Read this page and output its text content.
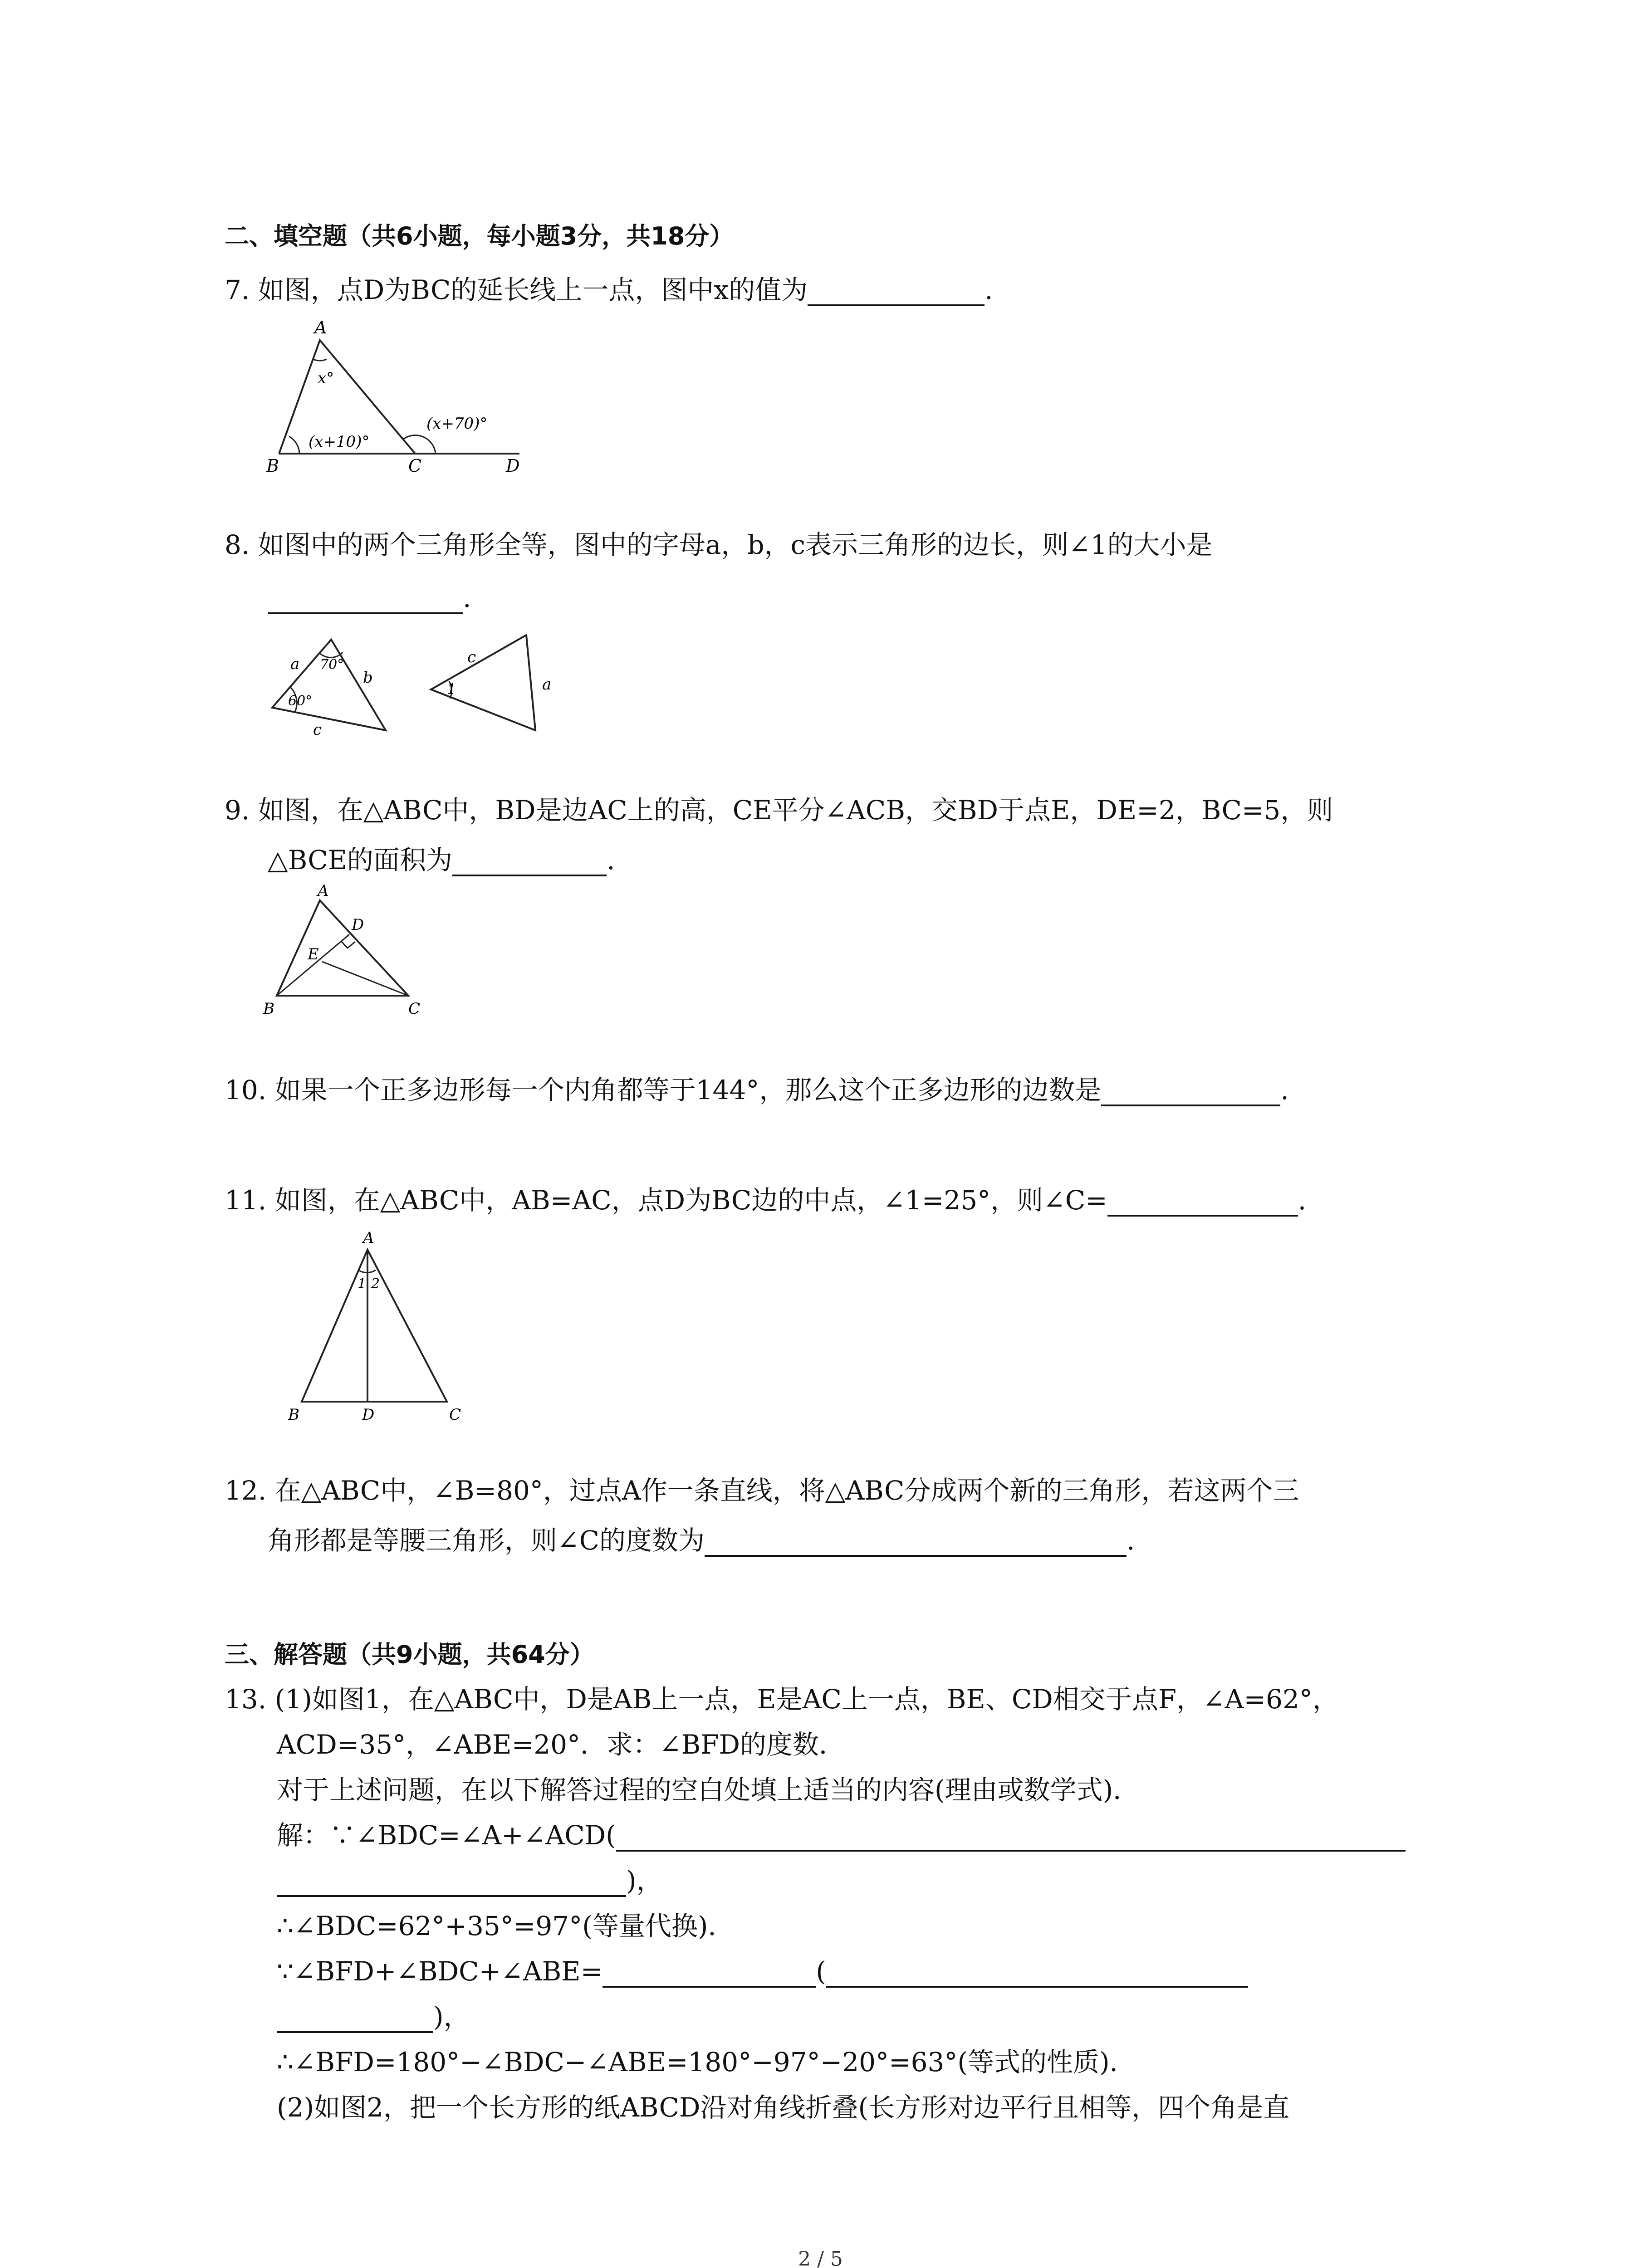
二、填空题（共6小题，每小题3分，共18分）
7. 如图，点D为BC的延长线上一点，图中x的值为	.
A
B	C	D
x°
(x+10)°
(x+70)°
8. 如图中的两个三角形全等，图中的字母a，b，c表示三角形的边长，则∠1的大小是
.
a
b
c
70°
60°
c
a
1
9. 如图，在△ABC中，BD是边AC上的高，CE平分∠ACB，交BD于点E，DE=2，BC=5，则
△BCE的面积为	.
A
B	C
D
E
10. 如果一个正多边形每一个内角都等于144°，那么这个正多边形的边数是	.
11. 如图，在△ABC中，AB=AC，点D为BC边的中点，∠1=25°，则∠C=	.
A
B	C
D
1 2
12. 在△ABC中，∠B=80°，过点A作一条直线，将△ABC分成两个新的三角形，若这两个三
角形都是等腰三角形，则∠C的度数为	.
三、解答题（共9小题，共64分）
13. (1)如图1，在△ABC中，D是AB上一点，E是AC上一点，BE、CD相交于点F，∠A=62°，
ACD=35°，∠ABE=20°．求：∠BFD的度数．
对于上述问题，在以下解答过程的空白处填上适当的内容(理由或数学式)．
解：∵∠BDC=∠A+∠ACD(
)，
∴∠BDC=62°+35°=97°(等量代换)．
∵∠BFD+∠BDC+∠ABE=	(
)，
∴∠BFD=180°−∠BDC−∠ABE=180°−97°−20°=63°(等式的性质)．
(2)如图2，把一个长方形的纸ABCD沿对角线折叠(长方形对边平行且相等，四个角是直
2 / 5
